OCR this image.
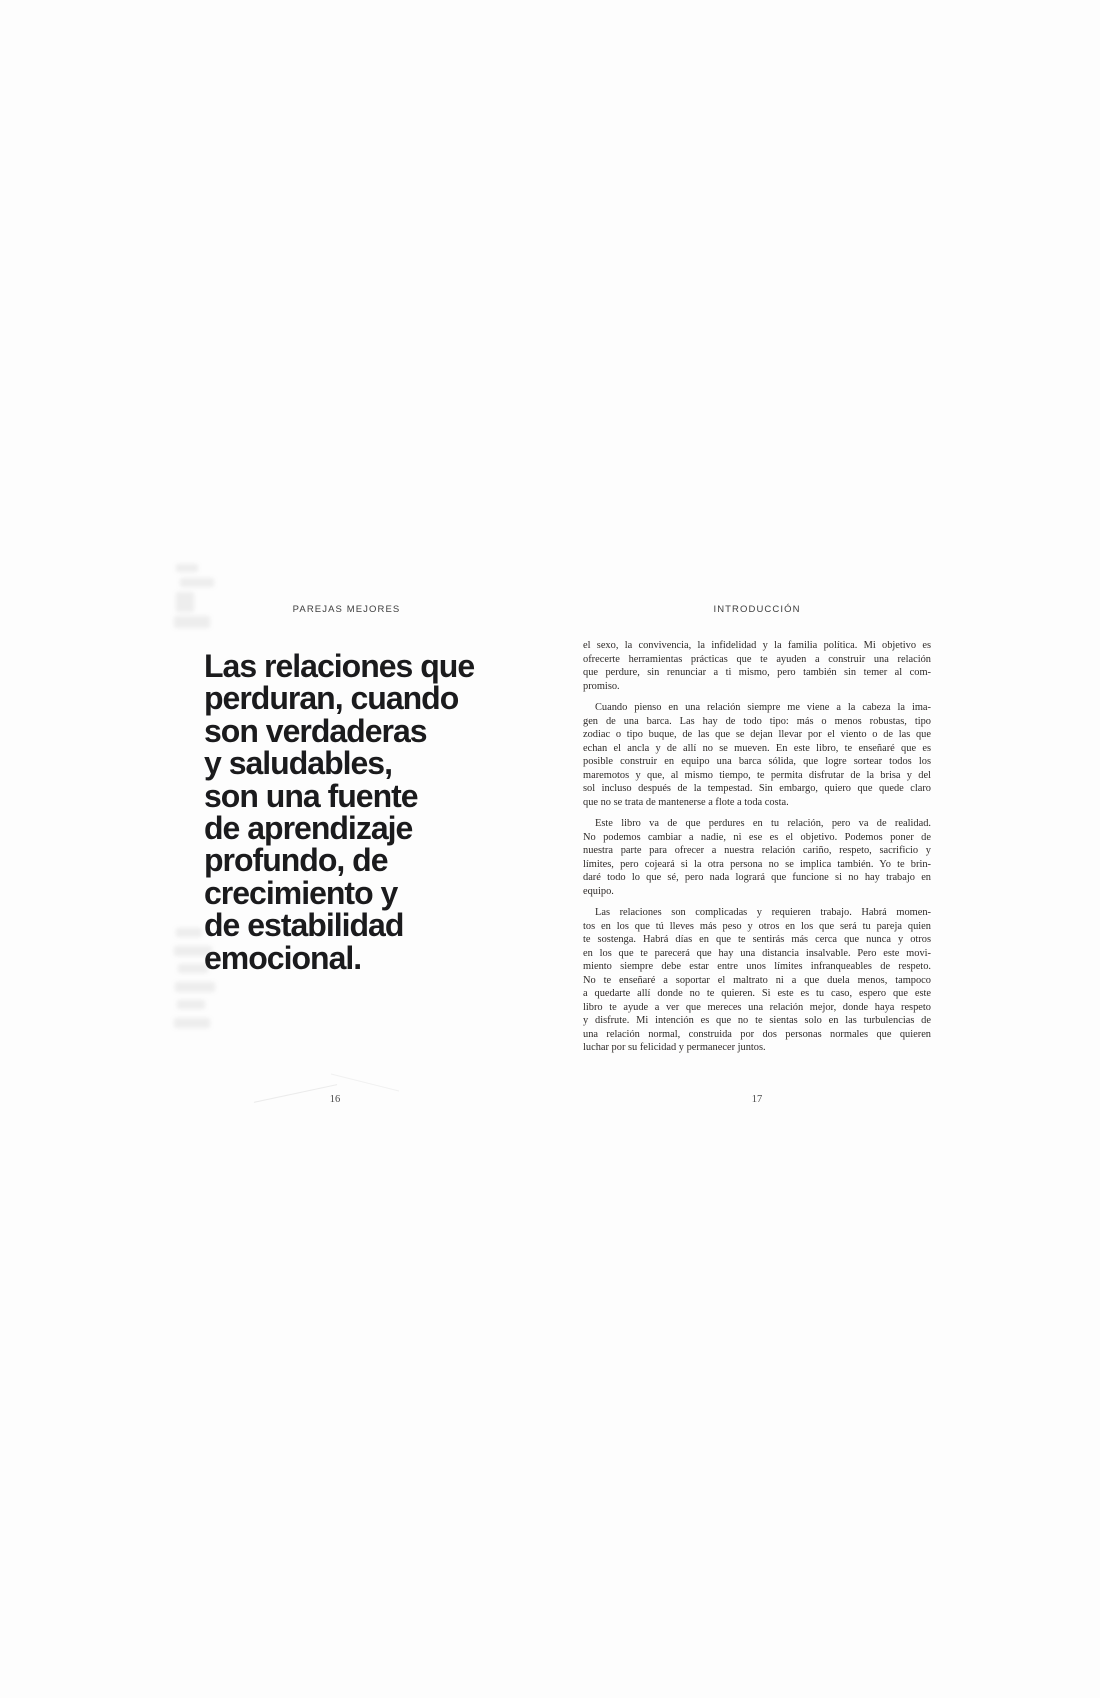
PAREJAS MEJORES
Las relaciones que
perduran, cuando
son verdaderas
y saludables,
son una fuente
de aprendizaje
profundo, de
crecimiento y
de estabilidad
emocional.
16
INTRODUCCIÓN
el sexo, la convivencia, la infidelidad y la familia política. Mi objetivo es
ofrecerte herramientas prácticas que te ayuden a construir una relación
que perdure, sin renunciar a ti mismo, pero también sin temer al com-
promiso.
Cuando pienso en una relación siempre me viene a la cabeza la ima-
gen de una barca. Las hay de todo tipo: más o menos robustas, tipo
zodiac o tipo buque, de las que se dejan llevar por el viento o de las que
echan el ancla y de allí no se mueven. En este libro, te enseñaré que es
posible construir en equipo una barca sólida, que logre sortear todos los
maremotos y que, al mismo tiempo, te permita disfrutar de la brisa y del
sol incluso después de la tempestad. Sin embargo, quiero que quede claro
que no se trata de mantenerse a flote a toda costa.
Este libro va de que perdures en tu relación, pero va de realidad.
No podemos cambiar a nadie, ni ese es el objetivo. Podemos poner de
nuestra parte para ofrecer a nuestra relación cariño, respeto, sacrificio y
límites, pero cojeará si la otra persona no se implica también. Yo te brin-
daré todo lo que sé, pero nada logrará que funcione si no hay trabajo en
equipo.
Las relaciones son complicadas y requieren trabajo. Habrá momen-
tos en los que tú lleves más peso y otros en los que será tu pareja quien
te sostenga. Habrá días en que te sentirás más cerca que nunca y otros
en los que te parecerá que hay una distancia insalvable. Pero este movi-
miento siempre debe estar entre unos límites infranqueables de respeto.
No te enseñaré a soportar el maltrato ni a que duela menos, tampoco
a quedarte allí donde no te quieren. Si este es tu caso, espero que este
libro te ayude a ver que mereces una relación mejor, donde haya respeto
y disfrute. Mi intención es que no te sientas solo en las turbulencias de
una relación normal, construida por dos personas normales que quieren
luchar por su felicidad y permanecer juntos.
17
